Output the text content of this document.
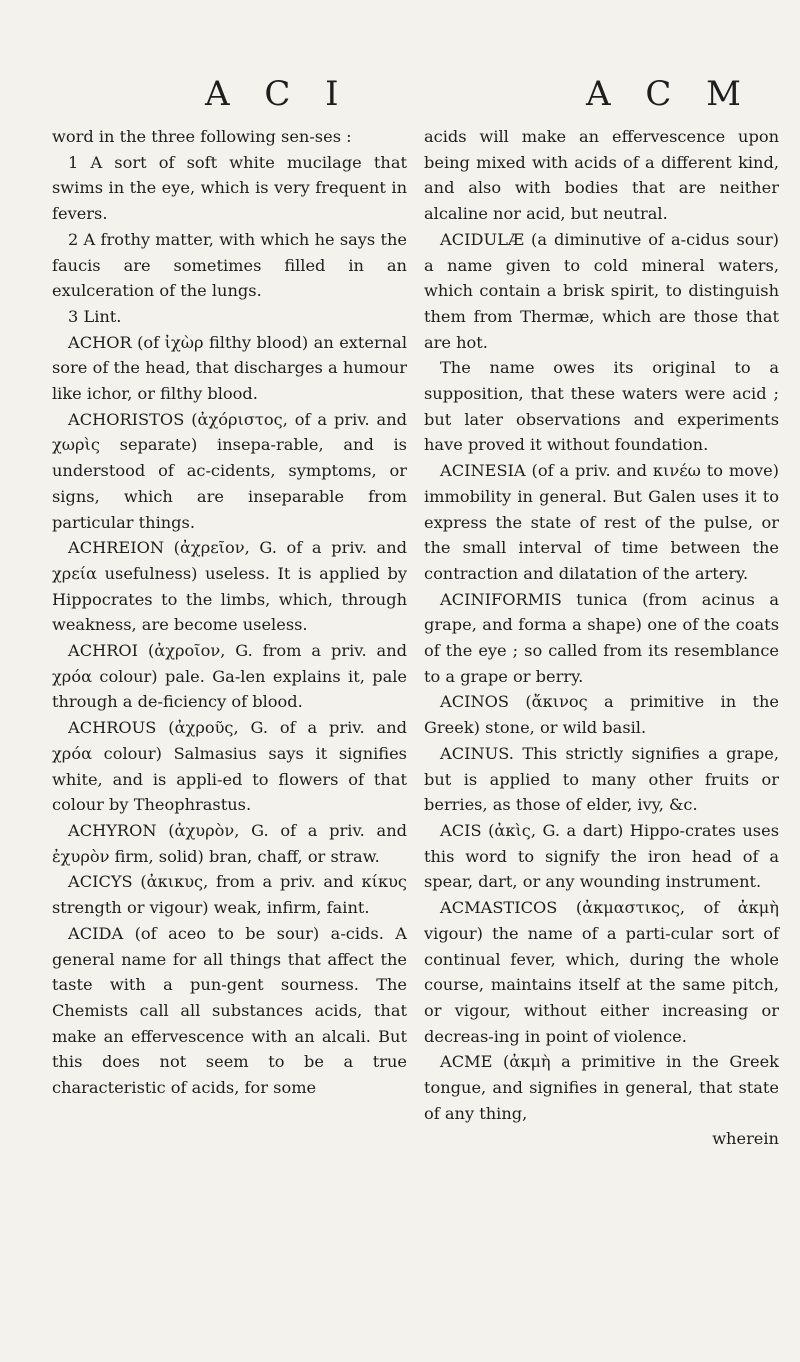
A C I	A C M

word in the three following sen-ses :

1 A sort of soft white mucilage that swims in the eye, which is very frequent in fevers.

2 A frothy matter, with which he says the faucis are sometimes filled in an exulceration of the lungs.

3 Lint.

ACHOR (of ἰχὼρ filthy blood) an external sore of the head, that discharges a humour like ichor, or filthy blood.

ACHORISTOS (ἀχόριστος, of a priv. and χωρὶς separate) insepa-rable, and is understood of ac-cidents, symptoms, or signs, which are inseparable from particular things.

ACHREION (ἀχρεῖον, G. of a priv. and χρεία usefulness) useless. It is applied by Hippocrates to the limbs, which, through weakness, are become useless.

ACHROI (ἀχροῖον, G. from a priv. and χρόα colour) pale. Ga-len explains it, pale through a de-ficiency of blood.

ACHROUS (ἀχροῦς, G. of a priv. and χρόα colour) Salmasius says it signifies white, and is appli-ed to flowers of that colour by Theophrastus.

ACHYRON (ἀχυρὸν, G. of a priv. and ἐχυρὸν firm, solid) bran, chaff, or straw.

ACICYS (ἀκικυς, from a priv. and κίκυς strength or vigour) weak, infirm, faint.

ACIDA (of aceo to be sour) a-cids. A general name for all things that affect the taste with a pun-gent sourness. The Chemists call all substances acids, that make an effervescence with an alcali. But this does not seem to be a true characteristic of acids, for some

acids will make an effervescence upon being mixed with acids of a different kind, and also with bodies that are neither alcaline nor acid, but neutral.

ACIDULÆ (a diminutive of a-cidus sour) a name given to cold mineral waters, which contain a brisk spirit, to distinguish them from Thermæ, which are those that are hot.

The name owes its original to a supposition, that these waters were acid ; but later observations and experiments have proved it without foundation.

ACINESIA (of a priv. and κινέω to move) immobility in general. But Galen uses it to express the state of rest of the pulse, or the small interval of time between the contraction and dilatation of the artery.

ACINIFORMIS tunica (from acinus a grape, and forma a shape) one of the coats of the eye ; so called from its resemblance to a grape or berry.

ACINOS (ἄκινος a primitive in the Greek) stone, or wild basil.

ACINUS. This strictly signifies a grape, but is applied to many other fruits or berries, as those of elder, ivy, &c.

ACIS (ἀκὶς, G. a dart) Hippo-crates uses this word to signify the iron head of a spear, dart, or any wounding instrument.

ACMASTICOS (ἀκμαστικος, of ἀκμὴ vigour) the name of a parti-cular sort of continual fever, which, during the whole course, maintains itself at the same pitch, or vigour, without either increasing or decreas-ing in point of violence.

ACME (ἀκμὴ a primitive in the Greek tongue, and signifies in general, that state of any thing,

wherein
